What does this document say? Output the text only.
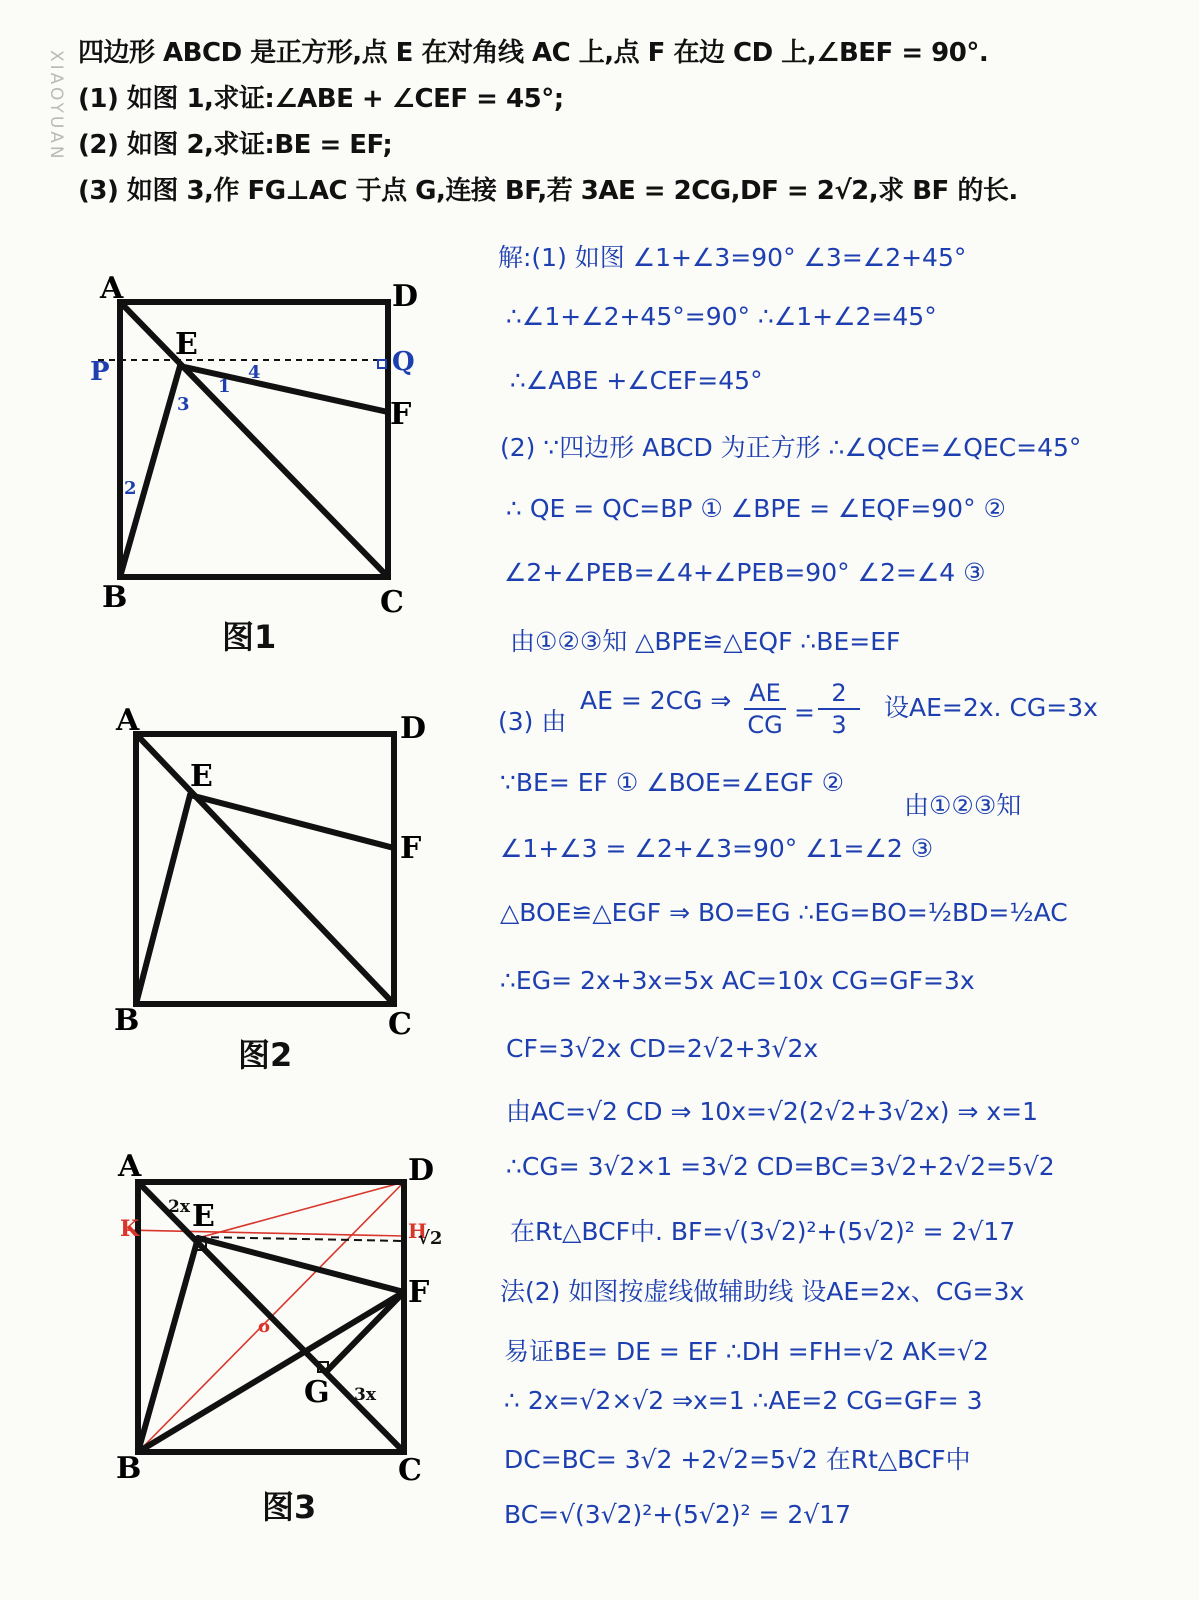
XIAOYUAN 四边形 ABCD 是正方形,点 E 在对角线 AC 上,点 F 在边 CD 上,∠BEF = 90°.
(1) 如图 1,求证:∠ABE + ∠CEF = 45°;
(2) 如图 2,求证:BE = EF;
(3) 如图 3,作 FG⊥AC 于点 G,连接 BF,若 3AE = 2CG,DF = 2√2,求 BF 的长.
A	D
B	C
E
F
P	Q
1
2
3
4
图1
A	D
B	C
E
F
图2
A	D
B	C
E
F
G
K	H
√2
o
2x
3x
图3
解:(1) 如图 ∠1+∠3=90° ∠3=∠2+45°
∴∠1+∠2+45°=90° ∴∠1+∠2=45°
∴∠ABE +∠CEF=45°
(2) ∵四边形 ABCD 为正方形 ∴∠QCE=∠QEC=45°
∴ QE = QC=BP ① ∠BPE = ∠EQF=90° ②
∠2+∠PEB=∠4+∠PEB=90° ∠2=∠4 ③
由①②③知 △BPE≌△EQF ∴BE=EF
(3) 由
AE = 2CG ⇒ $\frac{AE}{CG} = \frac{2}{3}$ 设AE=2x. CG=3x
∵BE= EF ① ∠BOE=∠EGF ②
由①②③知
∠1+∠3 = ∠2+∠3=90° ∠1=∠2 ③
△BOE≌△EGF ⇒ BO=EG ∴EG=BO=½BD=½AC
∴EG= 2x+3x=5x AC=10x CG=GF=3x
CF=3√2x CD=2√2+3√2x
由AC=√2 CD ⇒ 10x=√2(2√2+3√2x) ⇒ x=1
∴CG= 3√2×1 =3√2 CD=BC=3√2+2√2=5√2
在Rt△BCF中. BF=√(3√2)²+(5√2)² = 2√17
法(2) 如图按虚线做辅助线 设AE=2x、CG=3x
易证BE= DE = EF ∴DH =FH=√2 AK=√2
∴ 2x=√2×√2 ⇒x=1 ∴AE=2 CG=GF= 3
DC=BC= 3√2 +2√2=5√2 在Rt△BCF中
BC=√(3√2)²+(5√2)² = 2√17
